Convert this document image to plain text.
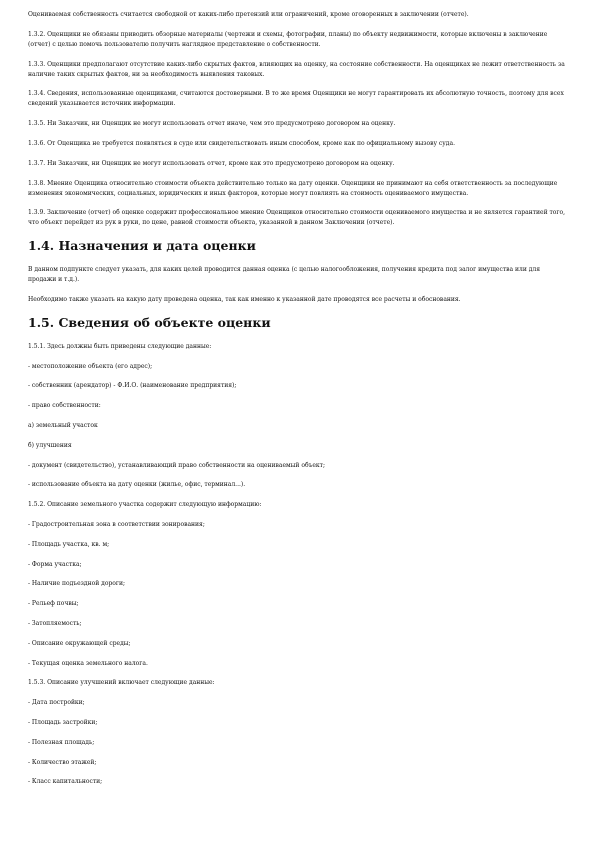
Оцениваемая собственность считается свободной от каких-либо претензий или ограничений, кроме оговоренных в заключении (отчете).

1.3.2. Оценщики не обязаны приводить обзорные материалы (чертежи и схемы, фотографии, планы) по объекту недвижимости, которые включены в заключение (отчет) с целью помочь пользователю получить наглядное представление о собственности.

1.3.3. Оценщики предполагают отсутствие каких-либо скрытых фактов, влияющих на оценку, на состояние собственности. На оценщиках не лежит ответственность за наличие таких скрытых фактов, ни за необходимость выявления таковых.

1.3.4. Сведения, использованные оценщиками, считаются достоверными. В то же время Оценщики не могут гарантировать их абсолютную точность, поэтому для всех сведений указывается источник информации.

1.3.5. Ни Заказчик, ни Оценщик не могут использовать отчет иначе, чем это предусмотрено договором на оценку.

1.3.6. От Оценщика не требуется появляться в суде или свидетельствовать иным способом, кроме как по официальному вызову суда.

1.3.7. Ни Заказчик, ни Оценщик не могут использовать отчет, кроме как это предусмотрено договором на оценку.

1.3.8. Мнение Оценщика относительно стоимости объекта действительно только на дату оценки. Оценщики не принимают на себя ответственность за последующие изменения экономических, социальных, юридических и иных факторов, которые могут повлиять на стоимость оцениваемого имущества.

1.3.9. Заключение (отчет) об оценке содержит профессиональное мнение Оценщиков относительно стоимости оцениваемого имущества и не является гарантией того, что объект перейдет из рук в руки, по цене, равной стоимости объекта, указанной в данном Заключении (отчете).

1.4. Назначения и дата оценки

В данном подпункте следует указать, для каких целей проводится данная оценка (с целью налогообложения, получения кредита под залог имущества или для продажи и т.д.).

Необходимо также указать на какую дату проведена оценка, так как именно к указанной дате проводятся все расчеты и обоснования.

1.5. Сведения об объекте оценки

1.5.1. Здесь должны быть приведены следующие данные:

- местоположение объекта (его адрес);

- собственник (арендатор) - Ф.И.О. (наименование предприятия);

- право собственности:

а) земельный участок

б) улучшения

- документ (свидетельство), устанавливающий право собственности на оцениваемый объект;

- использование объекта на дату оценки (жилье, офис, терминал...).

1.5.2. Описание земельного участка содержит следующую информацию:

- Градостроительная зона в соответствии зонирования;

- Площадь участка, кв. м;

- Форма участка;

- Наличие подъездной дороги;

- Рельеф почвы;

- Затопляемость;

- Описание окружающей среды;

- Текущая оценка земельного налога.

1.5.3. Описание улучшений включает следующие данные:

- Дата постройки;

- Площадь застройки;

- Полезная площадь;

- Количество этажей;

- Класс капитальности;
